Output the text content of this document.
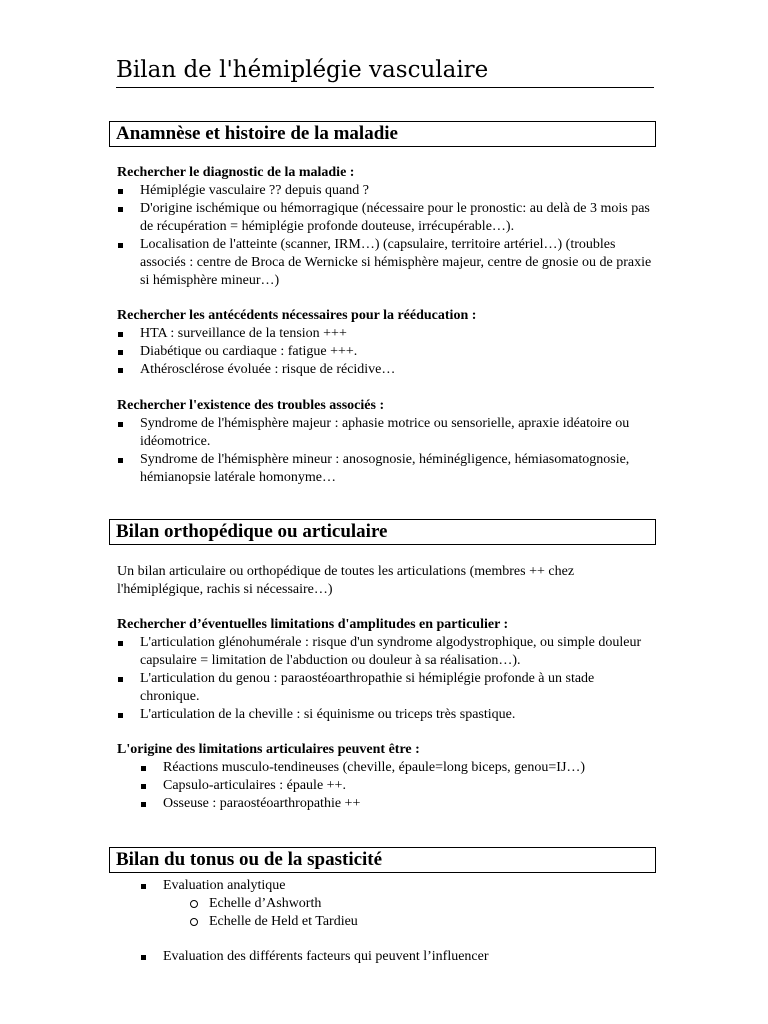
Bilan de l'hémiplégie vasculaire
Anamnèse et histoire de la maladie

Rechercher le diagnostic de la maladie :

Hémiplégie vasculaire ?? depuis quand ?
D'origine ischémique ou hémorragique (nécessaire pour le pronostic: au delà de 3 mois pas de récupération = hémiplégie profonde douteuse, irrécupérable…).
Localisation de l'atteinte (scanner, IRM…) (capsulaire, territoire artériel…) (troubles associés : centre de Broca de Wernicke si hémisphère majeur, centre de gnosie ou de praxie si hémisphère mineur…)

Rechercher les antécédents nécessaires pour la rééducation :

HTA : surveillance de la tension +++
Diabétique ou cardiaque : fatigue +++.
Athérosclérose évoluée : risque de récidive…

Rechercher l'existence des troubles associés :

Syndrome de l'hémisphère majeur : aphasie motrice ou sensorielle, apraxie idéatoire ou idéomotrice.
Syndrome de l'hémisphère mineur : anosognosie, héminégligence, hémiasomatognosie, hémianopsie latérale homonyme…
Bilan orthopédique ou articulaire

Un bilan articulaire ou orthopédique de toutes les articulations (membres ++ chez l'hémiplégique, rachis si nécessaire…)

Rechercher d’éventuelles limitations d'amplitudes en particulier :

L'articulation glénohumérale : risque d'un syndrome algodystrophique, ou simple douleur capsulaire = limitation de l'abduction ou douleur à sa réalisation…).
L'articulation du genou : paraostéoarthropathie si hémiplégie profonde à un stade chronique.
L'articulation de la cheville : si équinisme ou triceps très spastique.

L'origine des limitations articulaires peuvent être :

Réactions musculo-tendineuses (cheville, épaule=long biceps, genou=IJ…)
Capsulo-articulaires : épaule ++.
Osseuse : paraostéoarthropathie ++
Bilan du tonus ou de la spasticité
Evaluation analytique
Echelle d’Ashworth
Echelle de Held et Tardieu
Evaluation des différents facteurs qui peuvent l’influencer
